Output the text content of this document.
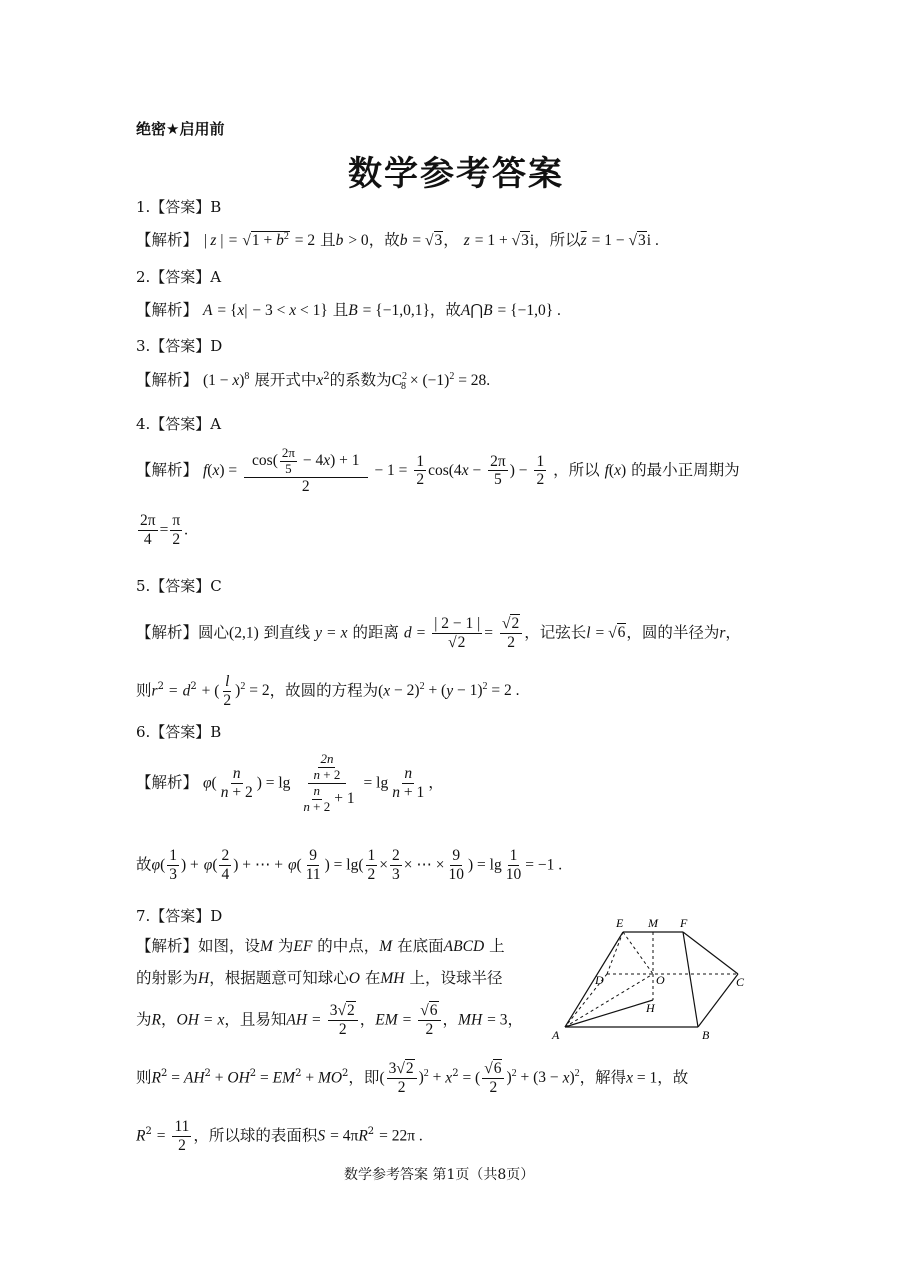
绝密★启用前
数学参考答案
1.【答案】B
【解析】 | z | = $√1 + b^2 = 2$ 且b > 0，故b = √3， z = 1 + √3i，所以$\overline{z} = 1 - √3i$ .
2.【答案】A
【解析】 A = {x| − 3 < x < 1} 且B = {−1,0,1}，故A⋂B = {−1,0} .
3.【答案】D
【解析】 $(1 - x)^8$ 展开式中$x^2$的系数为$C^2_8 \times (-1)^2 = 28$.
4.【答案】A
【解析】 $f(x) = \frac{\cos( \frac{2\pi}{5} - 4x) + 1}{2} - 1 = \frac{1}{2} \cos(4x - \frac{2\pi}{5}$ ) − $\frac{1}{2}$ ，所以 f(x) 的最小正周期为
$\frac{2\pi}{4} = \frac{\pi}{2}$ .
5.【答案】C
【解析】圆心(2,1) 到直线 y = x 的距离 $d = \frac{| 2 - 1 |}{√2} = \frac{√2}{2}$ ，记弦长l = √6，圆的半径为r，
则$r^2 = d^2$ + ( $\frac{l}{2} )^2 = 2$，故圆的方程为$(x - 2)^2 + (y - 1)^2 = 2$ .
6.【答案】B
【解析】 $\varphi( \frac{n}{n + 2}$ ) = $\lg \frac{\frac{2n}{n + 2}}{\frac{n}{n + 2} + 1} = \lg \frac{n}{n + 1}$ ，
故$\varphi( \frac{1}{3}$ ) + $\varphi( \frac{2}{4}$ ) + ⋯ + $\varphi( \frac{9}{11}$ ) = $\lg( \frac{1}{2} \times \frac{2}{3}$ × ⋯ × $\frac{9}{10}$ ) = $\lg \frac{1}{10} = -1$ .
7.【答案】D
【解析】如图，设M 为EF 的中点，M 在底面ABCD 上
的射影为H，根据题意可知球心O 在MH 上，设球半径
为R，OH = x，且易知AH = $\frac{3√2}{2}$ ，EM = $\frac{√6}{2}$ ，MH = 3，
则$R^2 = AH^2 + OH^2 = EM^2 + MO^2$，即( $\frac{3√2}{2} )^2 + x^2$ = ( $\frac{√6}{2} )^2 + (3 - x)^2$，解得x = 1，故
$R^2 = \frac{11}{2}$ ，所以球的表面积$S = 4\pi R^2 = 22\pi$ .
E M F
D	O	C
H
A	B
数学参考答案 第1页（共8页）
